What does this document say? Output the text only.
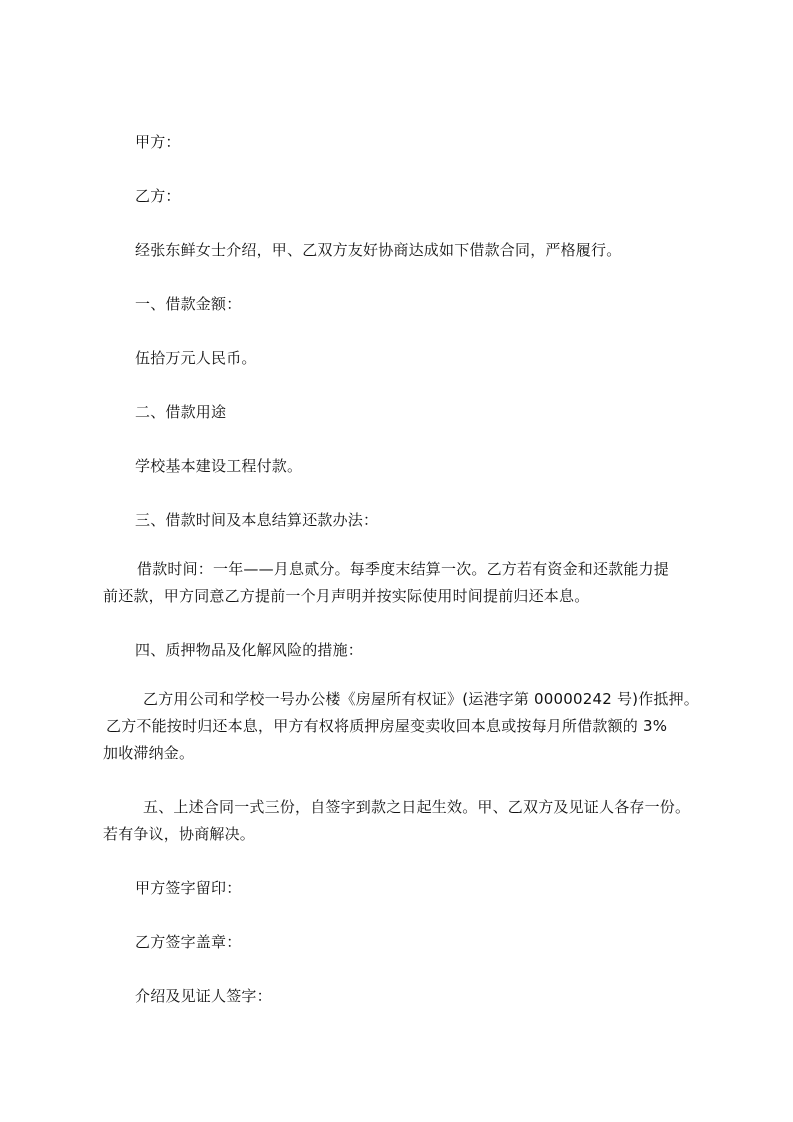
甲方：
乙方：
经张东鲜女士介绍，甲、乙双方友好协商达成如下借款合同，严格履行。
一、借款金额：
伍拾万元人民币。
二、借款用途
学校基本建设工程付款。
三、借款时间及本息结算还款办法：
借款时间：一年——月息贰分。每季度末结算一次。乙方若有资金和还款能力提
前还款，甲方同意乙方提前一个月声明并按实际使用时间提前归还本息。
四、质押物品及化解风险的措施：
乙方用公司和学校一号办公楼《房屋所有权证》(运港字第 00000242 号)作抵押。
乙方不能按时归还本息，甲方有权将质押房屋变卖收回本息或按每月所借款额的 3%
加收滞纳金。
五、上述合同一式三份，自签字到款之日起生效。甲、乙双方及见证人各存一份。
若有争议，协商解决。
甲方签字留印：
乙方签字盖章：
介绍及见证人签字：
